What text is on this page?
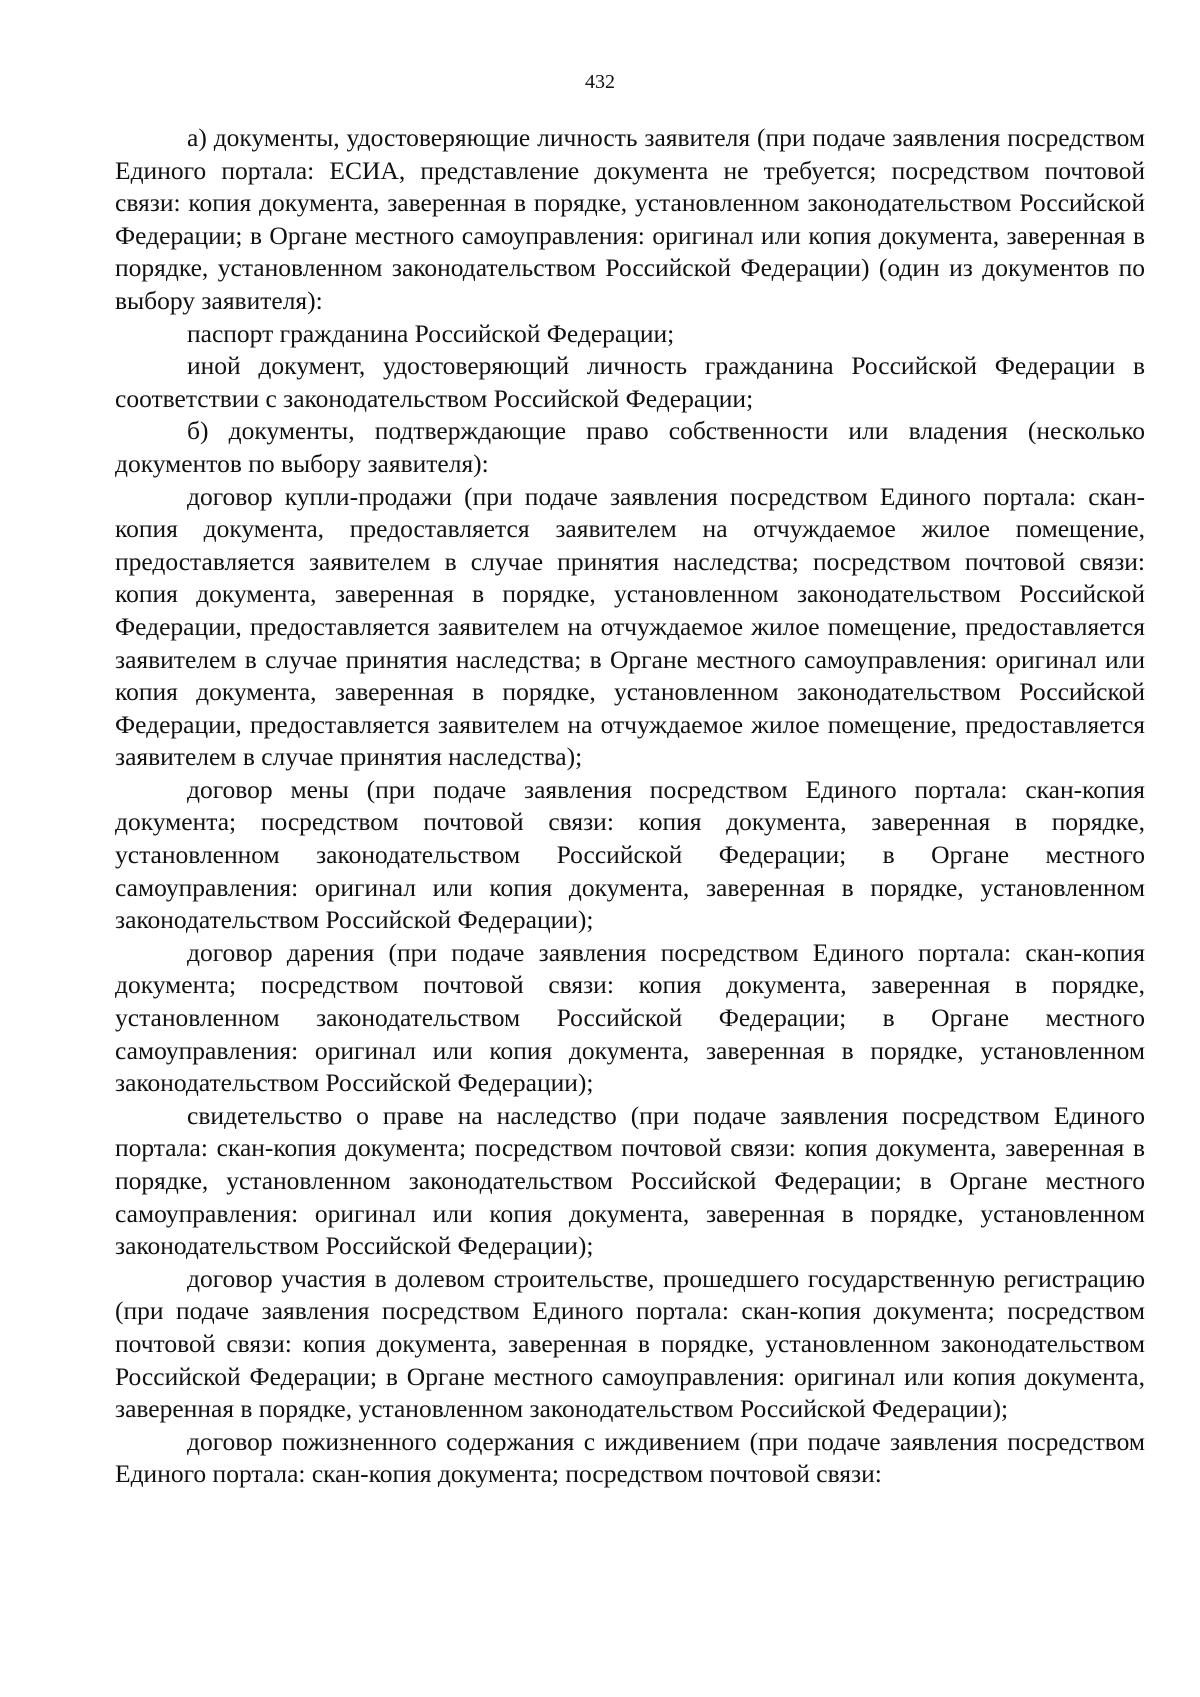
432

а) документы, удостоверяющие личность заявителя (при подаче заявления посредством Единого портала: ЕСИА, представление документа не требуется; посредством почтовой связи: копия документа, заверенная в порядке, установленном законодательством Российской Федерации; в Органе местного самоуправления: оригинал или копия документа, заверенная в порядке, установленном законодательством Российской Федерации) (один из документов по выбору заявителя):

паспорт гражданина Российской Федерации;

иной документ, удостоверяющий личность гражданина Российской Федерации в соответствии с законодательством Российской Федерации;

б) документы, подтверждающие право собственности или владения (несколько документов по выбору заявителя):

договор купли-продажи (при подаче заявления посредством Единого портала: скан-копия документа, предоставляется заявителем на отчуждаемое жилое помещение, предоставляется заявителем в случае принятия наследства; посредством почтовой связи: копия документа, заверенная в порядке, установленном законодательством Российской Федерации, предоставляется заявителем на отчуждаемое жилое помещение, предоставляется заявителем в случае принятия наследства; в Органе местного самоуправления: оригинал или копия документа, заверенная в порядке, установленном законодательством Российской Федерации, предоставляется заявителем на отчуждаемое жилое помещение, предоставляется заявителем в случае принятия наследства);

договор мены (при подаче заявления посредством Единого портала: скан-копия документа; посредством почтовой связи: копия документа, заверенная в порядке, установленном законодательством Российской Федерации; в Органе местного самоуправления: оригинал или копия документа, заверенная в порядке, установленном законодательством Российской Федерации);

договор дарения (при подаче заявления посредством Единого портала: скан-копия документа; посредством почтовой связи: копия документа, заверенная в порядке, установленном законодательством Российской Федерации; в Органе местного самоуправления: оригинал или копия документа, заверенная в порядке, установленном законодательством Российской Федерации);

свидетельство о праве на наследство (при подаче заявления посредством Единого портала: скан-копия документа; посредством почтовой связи: копия документа, заверенная в порядке, установленном законодательством Российской Федерации; в Органе местного самоуправления: оригинал или копия документа, заверенная в порядке, установленном законодательством Российской Федерации);

договор участия в долевом строительстве, прошедшего государственную регистрацию (при подаче заявления посредством Единого портала: скан-копия документа; посредством почтовой связи: копия документа, заверенная в порядке, установленном законодательством Российской Федерации; в Органе местного самоуправления: оригинал или копия документа, заверенная в порядке, установленном законодательством Российской Федерации);

договор пожизненного содержания с иждивением (при подаче заявления посредством Единого портала: скан-копия документа; посредством почтовой связи:
